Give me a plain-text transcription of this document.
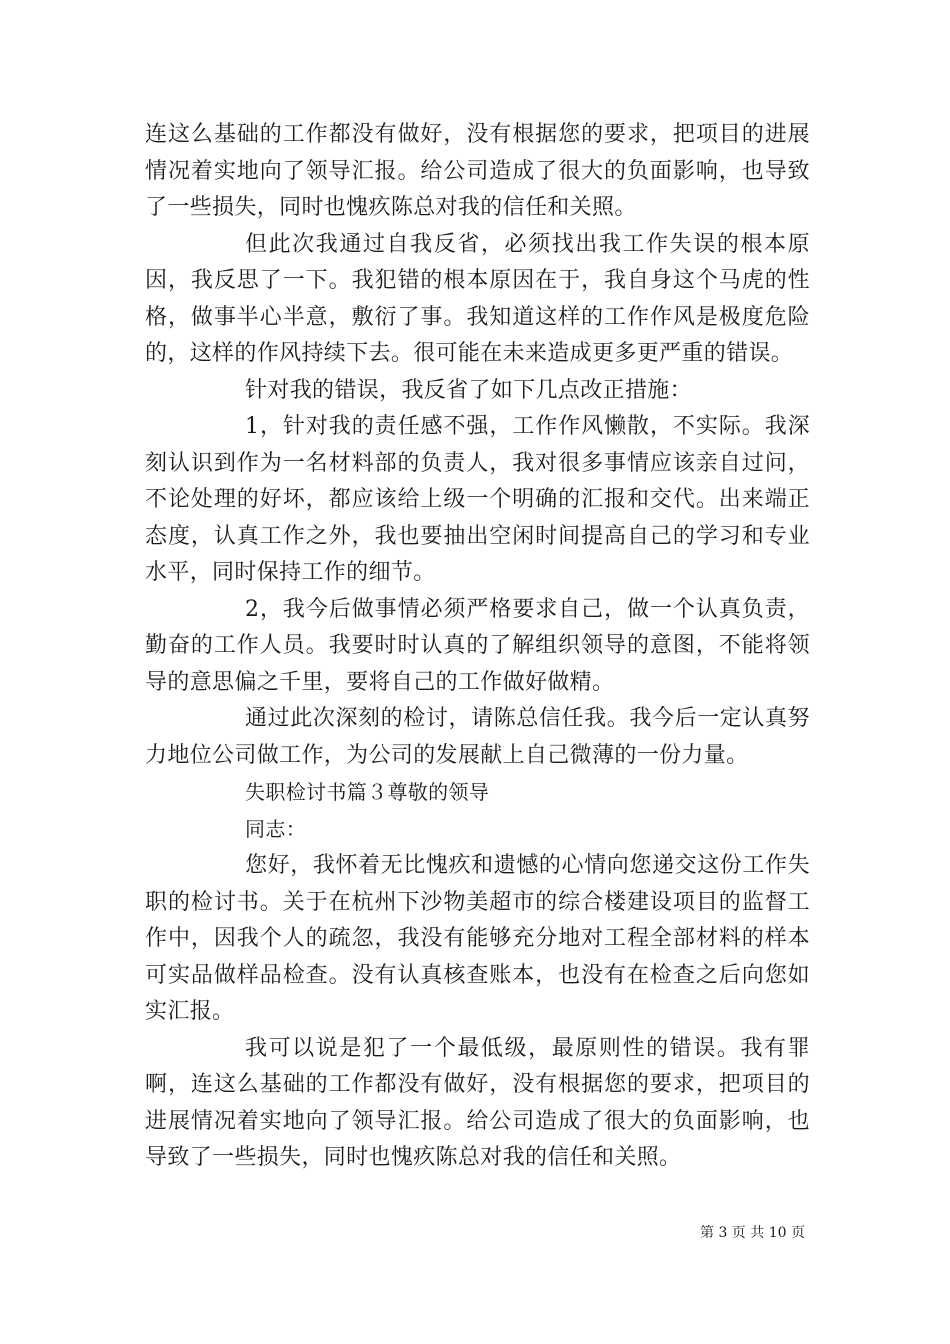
连这么基础的工作都没有做好，没有根据您的要求，把项目的进展情况着实地向了领导汇报。给公司造成了很大的负面影响，也导致了一些损失，同时也愧疚陈总对我的信任和关照。

但此次我通过自我反省，必须找出我工作失误的根本原因，我反思了一下。我犯错的根本原因在于，我自身这个马虎的性格，做事半心半意，敷衍了事。我知道这样的工作作风是极度危险的，这样的作风持续下去。很可能在未来造成更多更严重的错误。

针对我的错误，我反省了如下几点改正措施：

1，针对我的责任感不强，工作作风懒散，不实际。我深刻认识到作为一名材料部的负责人，我对很多事情应该亲自过问，不论处理的好坏，都应该给上级一个明确的汇报和交代。出来端正态度，认真工作之外，我也要抽出空闲时间提高自己的学习和专业水平，同时保持工作的细节。

2，我今后做事情必须严格要求自己，做一个认真负责，勤奋的工作人员。我要时时认真的了解组织领导的意图，不能将领导的意思偏之千里，要将自己的工作做好做精。

通过此次深刻的检讨，请陈总信任我。我今后一定认真努力地位公司做工作，为公司的发展献上自己微薄的一份力量。

失职检讨书篇３尊敬的领导

同志：

您好，我怀着无比愧疚和遗憾的心情向您递交这份工作失职的检讨书。关于在杭州下沙物美超市的综合楼建设项目的监督工作中，因我个人的疏忽，我没有能够充分地对工程全部材料的样本可实品做样品检查。没有认真核查账本，也没有在检查之后向您如实汇报。

我可以说是犯了一个最低级，最原则性的错误。我有罪啊，连这么基础的工作都没有做好，没有根据您的要求，把项目的进展情况着实地向了领导汇报。给公司造成了很大的负面影响，也导致了一些损失，同时也愧疚陈总对我的信任和关照。

第 3 页 共 10 页
